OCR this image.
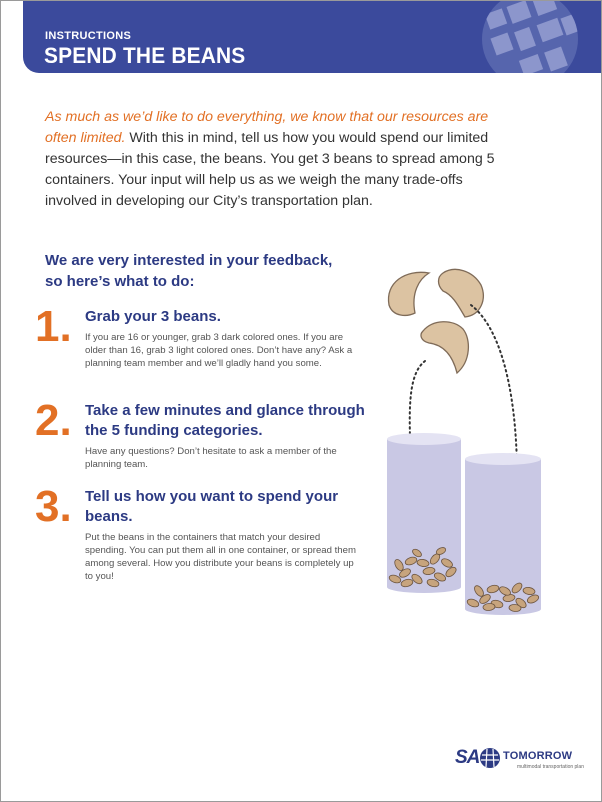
INSTRUCTIONS
SPEND THE BEANS
As much as we’d like to do everything, we know that our resources are often limited. With this in mind, tell us how you would spend our limited resources—in this case, the beans. You get 3 beans to spread among 5 containers. Your input will help us as we weigh the many trade-offs involved in developing our City’s transportation plan.
We are very interested in your feedback,
so here’s what to do:
1. Grab your 3 beans.
If you are 16 or younger, grab 3 dark colored ones. If you are older than 16, grab 3 light colored ones. Don’t have any? Ask a planning team member and we’ll gladly hand you some.
2. Take a few minutes and glance through the 5 funding categories.
Have any questions? Don’t hesitate to ask a member of the planning team.
3. Tell us how you want to spend your beans.
Put the beans in the containers that match your desired spending. You can put them all in one container, or spread them among several. How you distribute your beans is completely up to you!
SA TOMORROW
multimodal transportation plan
